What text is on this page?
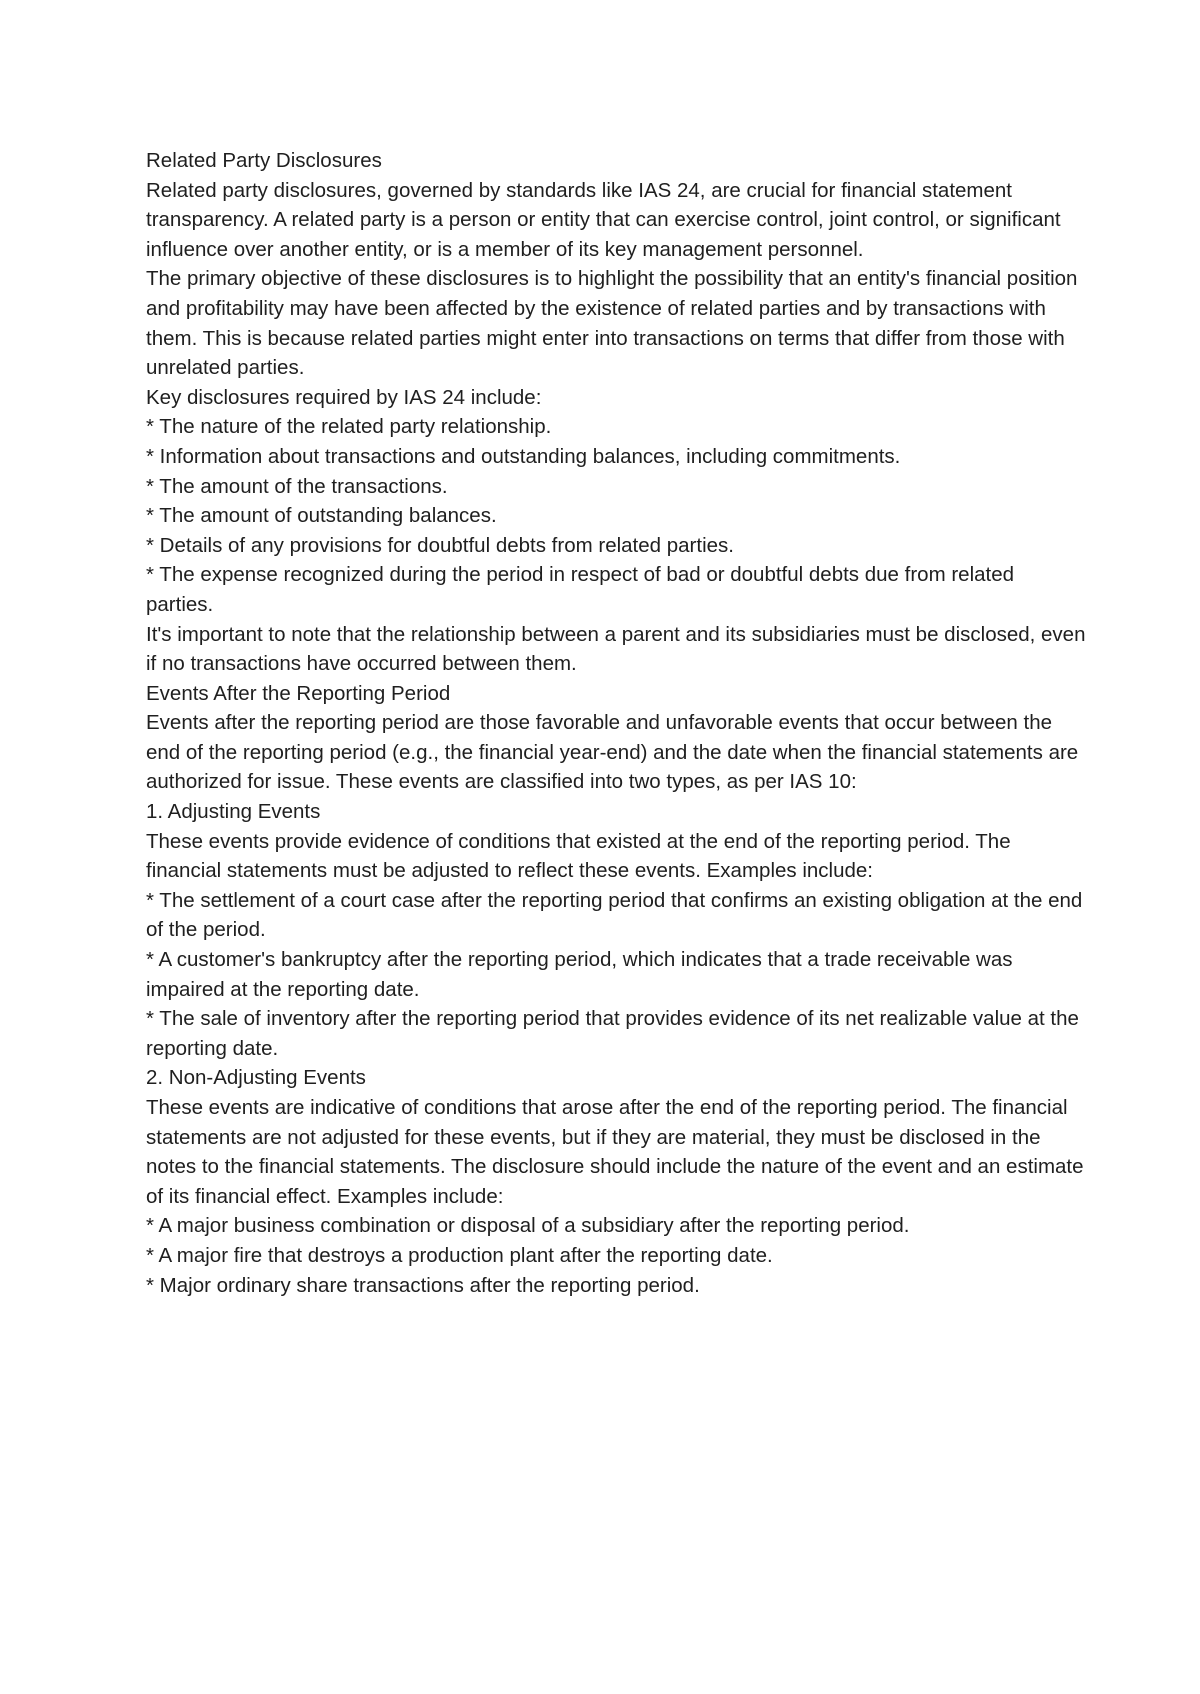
Related Party Disclosures

Related party disclosures, governed by standards like IAS 24, are crucial for financial statement transparency. A related party is a person or entity that can exercise control, joint control, or significant influence over another entity, or is a member of its key management personnel.

The primary objective of these disclosures is to highlight the possibility that an entity's financial position and profitability may have been affected by the existence of related parties and by transactions with them. This is because related parties might enter into transactions on terms that differ from those with unrelated parties.

Key disclosures required by IAS 24 include:

* The nature of the related party relationship.

* Information about transactions and outstanding balances, including commitments.

* The amount of the transactions.

* The amount of outstanding balances.

* Details of any provisions for doubtful debts from related parties.

* The expense recognized during the period in respect of bad or doubtful debts due from related parties.

It's important to note that the relationship between a parent and its subsidiaries must be disclosed, even if no transactions have occurred between them.

Events After the Reporting Period

Events after the reporting period are those favorable and unfavorable events that occur between the end of the reporting period (e.g., the financial year-end) and the date when the financial statements are authorized for issue. These events are classified into two types, as per IAS 10:

1. Adjusting Events

These events provide evidence of conditions that existed at the end of the reporting period. The financial statements must be adjusted to reflect these events. Examples include:

* The settlement of a court case after the reporting period that confirms an existing obligation at the end of the period.

* A customer's bankruptcy after the reporting period, which indicates that a trade receivable was impaired at the reporting date.

* The sale of inventory after the reporting period that provides evidence of its net realizable value at the reporting date.

2. Non-Adjusting Events

These events are indicative of conditions that arose after the end of the reporting period. The financial statements are not adjusted for these events, but if they are material, they must be disclosed in the notes to the financial statements. The disclosure should include the nature of the event and an estimate of its financial effect. Examples include:

* A major business combination or disposal of a subsidiary after the reporting period.

* A major fire that destroys a production plant after the reporting date.

* Major ordinary share transactions after the reporting period.
